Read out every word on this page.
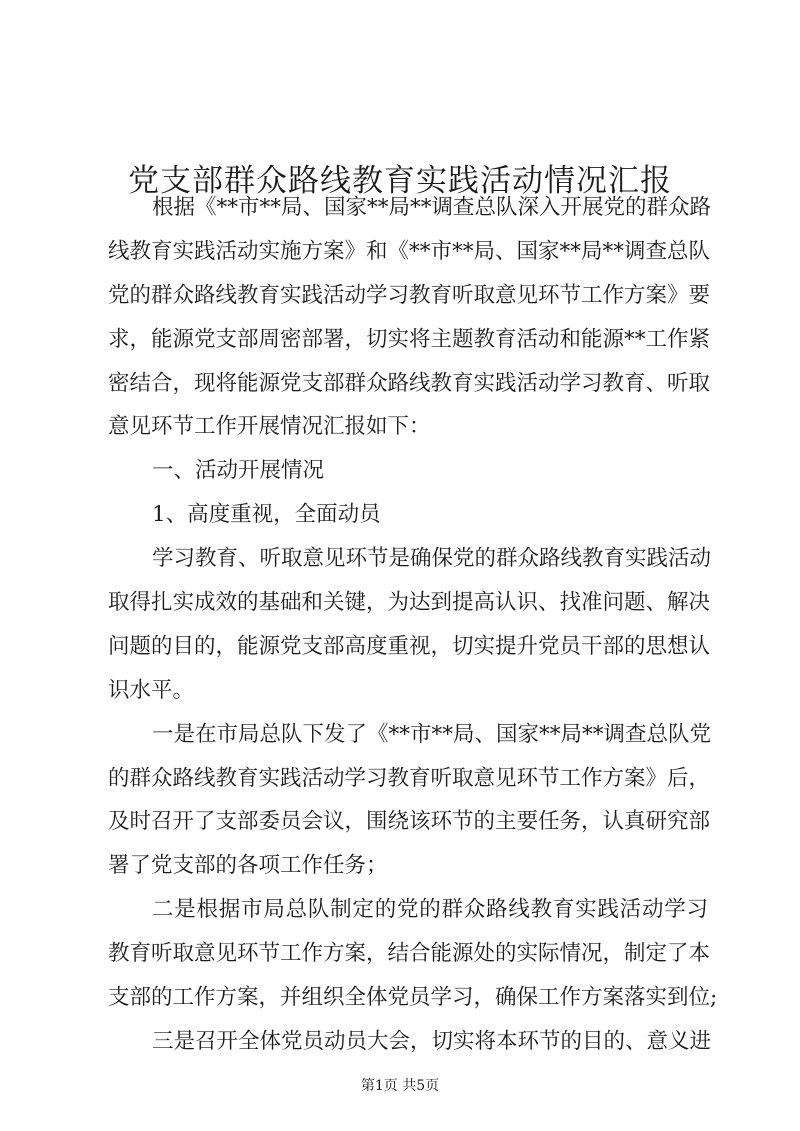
党支部群众路线教育实践活动情况汇报
根据《**市**局、国家**局**调查总队深入开展党的群众路
线教育实践活动实施方案》和《**市**局、国家**局**调查总队
党的群众路线教育实践活动学习教育听取意见环节工作方案》要
求，能源党支部周密部署，切实将主题教育活动和能源**工作紧
密结合，现将能源党支部群众路线教育实践活动学习教育、听取
意见环节工作开展情况汇报如下：
一、活动开展情况
1、高度重视，全面动员
学习教育、听取意见环节是确保党的群众路线教育实践活动
取得扎实成效的基础和关键，为达到提高认识、找准问题、解决
问题的目的，能源党支部高度重视，切实提升党员干部的思想认
识水平。
一是在市局总队下发了《**市**局、国家**局**调查总队党
的群众路线教育实践活动学习教育听取意见环节工作方案》后，
及时召开了支部委员会议，围绕该环节的主要任务，认真研究部
署了党支部的各项工作任务；
二是根据市局总队制定的党的群众路线教育实践活动学习
教育听取意见环节工作方案，结合能源处的实际情况，制定了本
支部的工作方案，并组织全体党员学习，确保工作方案落实到位;
三是召开全体党员动员大会，切实将本环节的目的、意义进
第1页 共5页
